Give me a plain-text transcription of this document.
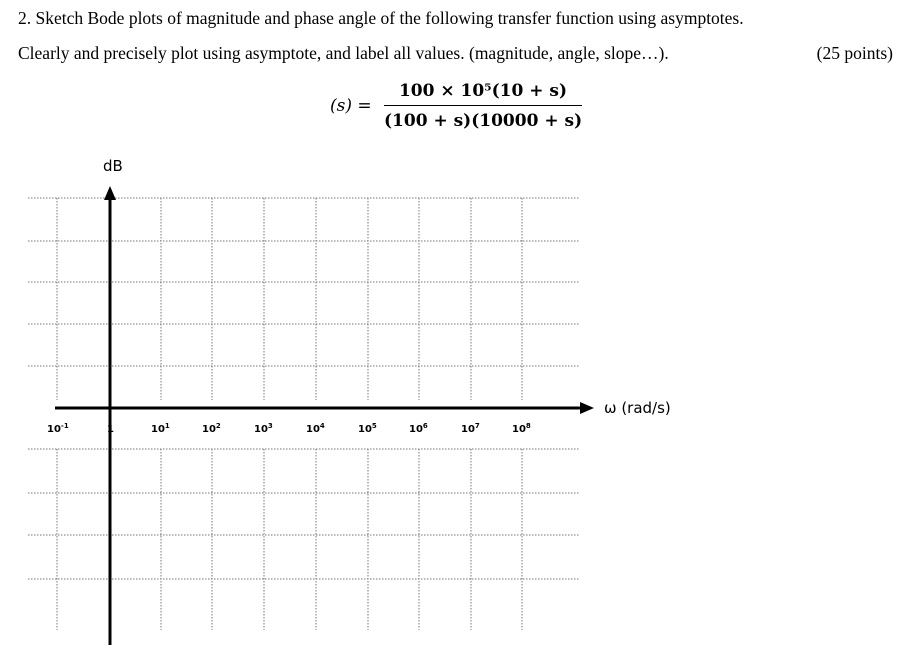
2. Sketch Bode plots of magnitude and phase angle of the following transfer function using asymptotes.

Clearly and precisely plot using asymptote, and label all values. (magnitude, angle, slope…).	(25 points)

(s) =
100 × 10⁵(10 + s)
(100 + s)(10000 + s)
dB
ω (rad/s)
$10^{-1}$	1	$10^1$	$10^2$	$10^3$	$10^4$	$10^5$	$10^6$	$10^7$	$10^8$
